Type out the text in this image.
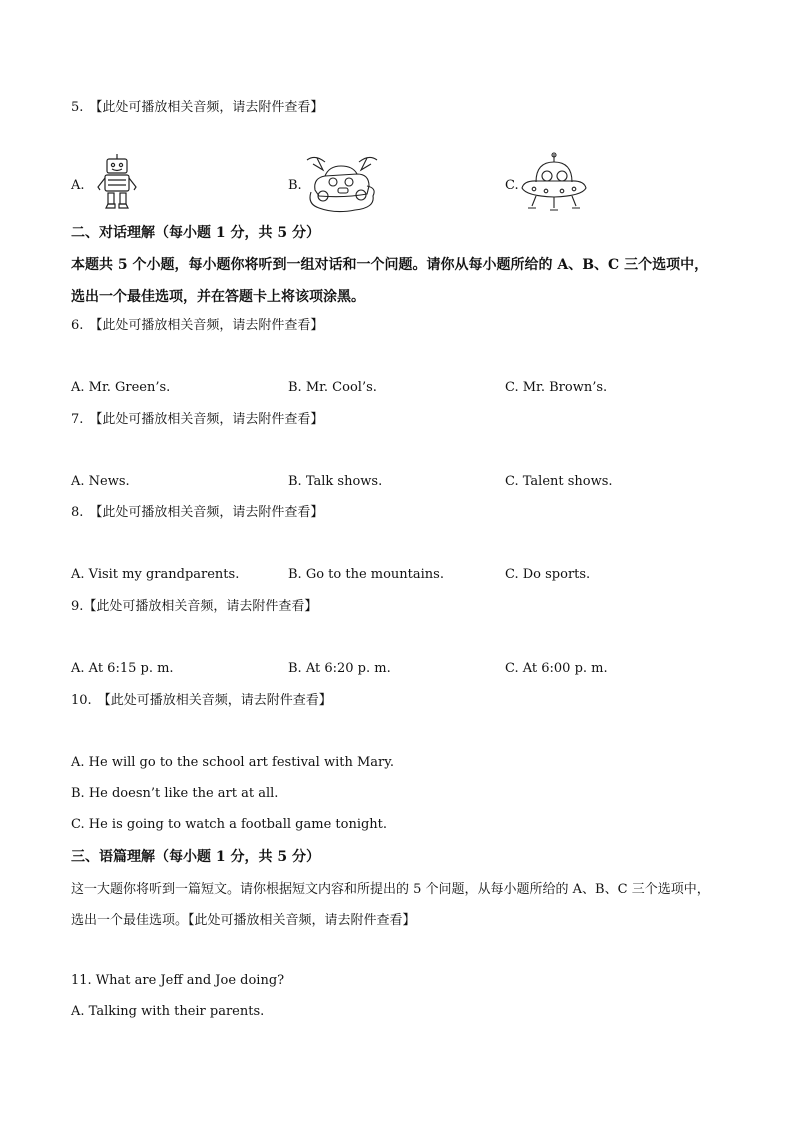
5. 【此处可播放相关音频，请去附件查看】
A.	B.	C.
二、对话理解（每小题 1 分，共 5 分）
本题共 5 个小题，每小题你将听到一组对话和一个问题。请你从每小题所给的 A、B、C 三个选项中，选出一个最佳选项，并在答题卡上将该项涂黑。
6. 【此处可播放相关音频，请去附件查看】
A. Mr. Green’s.	B. Mr. Cool’s.	C. Mr. Brown’s.
7. 【此处可播放相关音频，请去附件查看】
A. News.	B. Talk shows.	C. Talent shows.
8. 【此处可播放相关音频，请去附件查看】
A. Visit my grandparents.	B. Go to the mountains.	C. Do sports.
9.【此处可播放相关音频，请去附件查看】
A. At 6:15 p. m.	B. At 6:20 p. m.	C. At 6:00 p. m.
10. 【此处可播放相关音频，请去附件查看】
A. He will go to the school art festival with Mary.
B. He doesn’t like the art at all.
C. He is going to watch a football game tonight.
三、语篇理解（每小题 1 分，共 5 分）
这一大题你将听到一篇短文。请你根据短文内容和所提出的 5 个问题，从每小题所给的 A、B、C 三个选项中，选出一个最佳选项。【此处可播放相关音频，请去附件查看】
11. What are Jeff and Joe doing?
A. Talking with their parents.
